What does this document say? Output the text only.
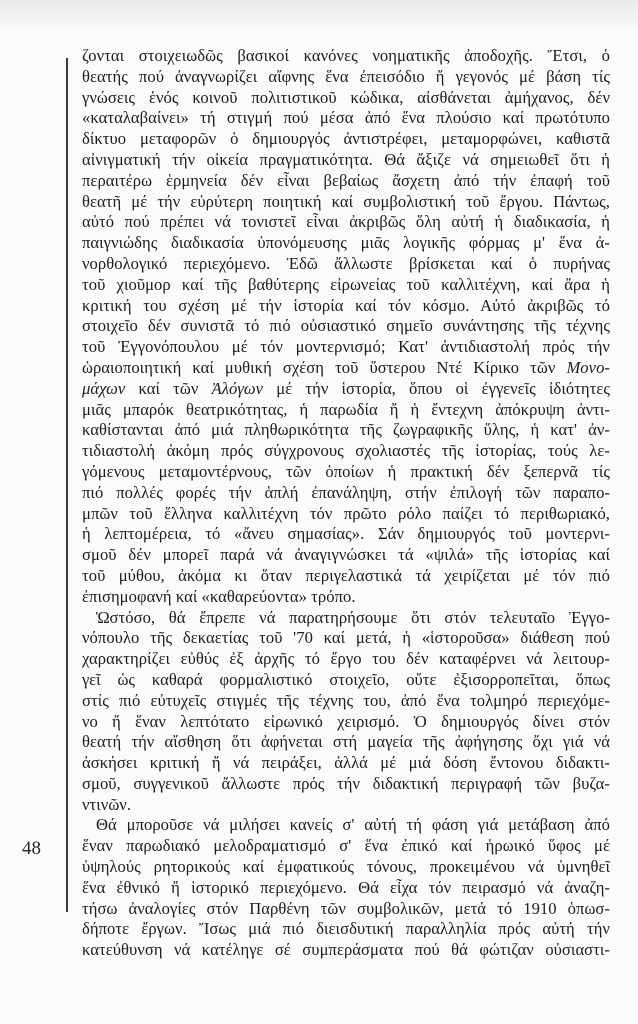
48
ζονται στοιχειωδῶς βασικοί κανόνες νοηματικῆς ἀποδοχῆς. Ἔτσι, ὁ
θεατής πού ἀναγνωρίζει αἴφνης ἕνα ἐπεισόδιο ἤ γεγονός μέ βάση τίς
γνώσεις ἑνός κοινοῦ πολιτιστικοῦ κώδικα, αἰσθάνεται ἀμήχανος, δέν
«καταλαβαίνει» τή στιγμή πού μέσα ἀπό ἕνα πλούσιο καί πρωτότυπο
δίκτυο μεταφορῶν ὁ δημιουργός ἀντιστρέφει, μεταμορφώνει, καθιστᾶ
αἰνιγματική τήν οἰκεία πραγματικότητα. Θά ἄξιζε νά σημειωθεῖ ὅτι ἡ
περαιτέρω ἑρμηνεία δέν εἶναι βεβαίως ἄσχετη ἀπό τήν ἐπαφή τοῦ
θεατῆ μέ τήν εὐρύτερη ποιητική καί συμβολιστική τοῦ ἔργου. Πάντως,
αὐτό πού πρέπει νά τονιστεῖ εἶναι ἀκριβῶς ὅλη αὐτή ἡ διαδικασία, ἡ
παιγνιώδης διαδικασία ὑπονόμευσης μιᾶς λογικῆς φόρμας μ' ἕνα ἀ-
νορθολογικό περιεχόμενο. Ἐδῶ ἄλλωστε βρίσκεται καί ὁ πυρήνας
τοῦ χιοῦμορ καί τῆς βαθύτερης εἰρωνείας τοῦ καλλιτέχνη, καί ἄρα ἡ
κριτική του σχέση μέ τήν ἱστορία καί τόν κόσμο. Αὐτό ἀκριβῶς τό
στοιχεῖο δέν συνιστᾶ τό πιό οὐσιαστικό σημεῖο συνάντησης τῆς τέχνης
τοῦ Ἐγγονόπουλου μέ τόν μοντερνισμό; Κατ' ἀντιδιαστολή πρός τήν
ὡραιοποιητική καί μυθική σχέση τοῦ ὕστερου Ντέ Κίρικο τῶν Μονο-
μάχων καί τῶν Ἀλόγων μέ τήν ἱστορία, ὅπου οἱ ἐγγενεῖς ἰδιότητες
μιᾶς μπαρόκ θεατρικότητας, ἡ παρωδία ἤ ἡ ἔντεχνη ἀπόκρυψη ἀντι-
καθίστανται ἀπό μιά πληθωρικότητα τῆς ζωγραφικῆς ὕλης, ἡ κατ' ἀν-
τιδιαστολή ἀκόμη πρός σύγχρονους σχολιαστές τῆς ἱστορίας, τούς λε-
γόμενους μεταμοντέρνους, τῶν ὁποίων ἡ πρακτική δέν ξεπερνᾶ τίς
πιό πολλές φορές τήν ἁπλή ἐπανάληψη, στήν ἐπιλογή τῶν παραπο-
μπῶν τοῦ ἕλληνα καλλιτέχνη τόν πρῶτο ρόλο παίζει τό περιθωριακό,
ἡ λεπτομέρεια, τό «ἄνευ σημασίας». Σάν δημιουργός τοῦ μοντερνι-
σμοῦ δέν μπορεῖ παρά νά ἀναγιγνώσκει τά «ψιλά» τῆς ἱστορίας καί
τοῦ μύθου, ἀκόμα κι ὅταν περιγελαστικά τά χειρίζεται μέ τόν πιό
ἐπισημοφανή καί «καθαρεύοντα» τρόπο.
Ὡστόσο, θά ἔπρεπε νά παρατηρήσουμε ὅτι στόν τελευταῖο Ἐγγο-
νόπουλο τῆς δεκαετίας τοῦ '70 καί μετά, ἡ «ἱστοροῦσα» διάθεση πού
χαρακτηρίζει εὐθύς ἐξ ἀρχῆς τό ἔργο του δέν καταφέρνει νά λειτουρ-
γεῖ ὡς καθαρά φορμαλιστικό στοιχεῖο, οὔτε ἐξισορροπεῖται, ὅπως
στίς πιό εὐτυχεῖς στιγμές τῆς τέχνης του, ἀπό ἕνα τολμηρό περιεχόμε-
νο ἤ ἕναν λεπτότατο εἰρωνικό χειρισμό. Ὁ δημιουργός δίνει στόν
θεατή τήν αἴσθηση ὅτι ἀφήνεται στή μαγεία τῆς ἀφήγησης ὄχι γιά νά
ἀσκήσει κριτική ἤ νά πειράξει, ἀλλά μέ μιά δόση ἔντονου διδακτι-
σμοῦ, συγγενικοῦ ἄλλωστε πρός τήν διδακτική περιγραφή τῶν βυζα-
ντινῶν.
Θά μποροῦσε νά μιλήσει κανείς σ' αὐτή τή φάση γιά μετάβαση ἀπό
ἕναν παρωδιακό μελοδραματισμό σ' ἕνα ἐπικό καί ἡρωικό ὕφος μέ
ὑψηλούς ρητορικούς καί ἐμφατικούς τόνους, προκειμένου νά ὑμνηθεῖ
ἕνα ἐθνικό ἤ ἱστορικό περιεχόμενο. Θά εἶχα τόν πειρασμό νά ἀναζη-
τήσω ἀναλογίες στόν Παρθένη τῶν συμβολικῶν, μετά τό 1910 ὁπωσ-
δήποτε ἔργων. Ἴσως μιά πιό διεισδυτική παραλληλία πρός αὐτή τήν
κατεύθυνση νά κατέληγε σέ συμπεράσματα πού θά φώτιζαν οὐσιαστι-
